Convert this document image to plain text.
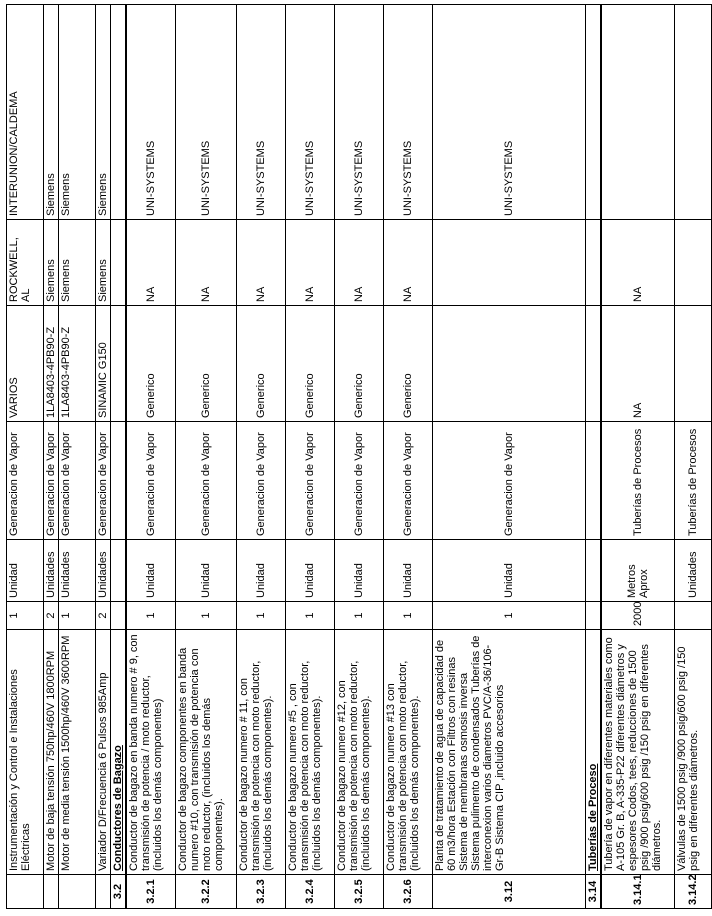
	Instrumentación y Control e Instalaciones Eléctricas	1	Unidad	Generacion de Vapor	VARIOS	ROCKWELL, AL	INTERUNION/CALDEMA
	Motor de baja tensión 750hp/460V 1800RPM	2	Unidades	Generacion de Vapor	1LA8403-4PB90-Z	Siemens	Siemens
	Motor de media tensión 1500hp/460V 3600RPM	1	Unidades	Generacion de Vapor	1LA8403-4PB90-Z	Siemens	Siemens
	Variador D/Frecuencia 6 Pulsos 985Amp	2	Unidades	Generacion de Vapor	SINAMIC G150	Siemens	Siemens
3.2	Conductores de Bagazo						
3.2.1	Conductor de bagazo en banda numero # 9, con transmisión de potencia / moto reductor, (incluidos los demás componentes)	1	Unidad	Generacion de Vapor	Generico	NA	UNI-SYSTEMS
3.2.2	Conductor de bagazo componentes en banda numero #10, con transmisión de potencia con moto reductor, (incluidos los demás componentes).	1	Unidad	Generacion de Vapor	Generico	NA	UNI-SYSTEMS
3.2.3	Conductor de bagazo numero # 11, con transmisión de potencia con moto reductor, (incluidos los demás componentes).	1	Unidad	Generacion de Vapor	Generico	NA	UNI-SYSTEMS
3.2.4	Conductor de bagazo numero #5 , con transmisión de potencia con moto reductor, (incluidos los demás componentes).	1	Unidad	Generacion de Vapor	Generico	NA	UNI-SYSTEMS
3.2.5	Conductor de bagazo numero #12, con transmisión de potencia con moto reductor, (incluidos los demás componentes).	1	Unidad	Generacion de Vapor	Generico	NA	UNI-SYSTEMS
3.2.6	Conductor de bagazo numero #13 con transmisión de potencia con moto reductor, (incluidos los demás componentes).	1	Unidad	Generacion de Vapor	Generico	NA	UNI-SYSTEMS
3.12	Planta de tratamiento de agua de capacidad de 60 m3/hora Estación con Filtros con resinas Sistema de membranas osmosis inversa Sistema pulimento de condensados Tuberías de interconexion varios diametros PVC/A-36/106-Gr-B Sistema CIP ,incluido accesorios	1	Unidad	Generacion de Vapor			UNI-SYSTEMS
3.14	Tuberías de Proceso						
3.14.1	Tubería de vapor en diferentes materiales como A-105 Gr. B, A-335-P22 diferentes diámetros y espesores Codos, tees, reducciones de 1500 psig /900 psig/600 psig /150 psig en diferentes diámetros.	2000	Metros Aprox	Tuberías de Procesos	NA	NA	
3.14.2	Válvulas de 1500 psig /900 psig/600 psig /150 psig en diferentes diámetros.		Unidades	Tuberías de Procesos			
